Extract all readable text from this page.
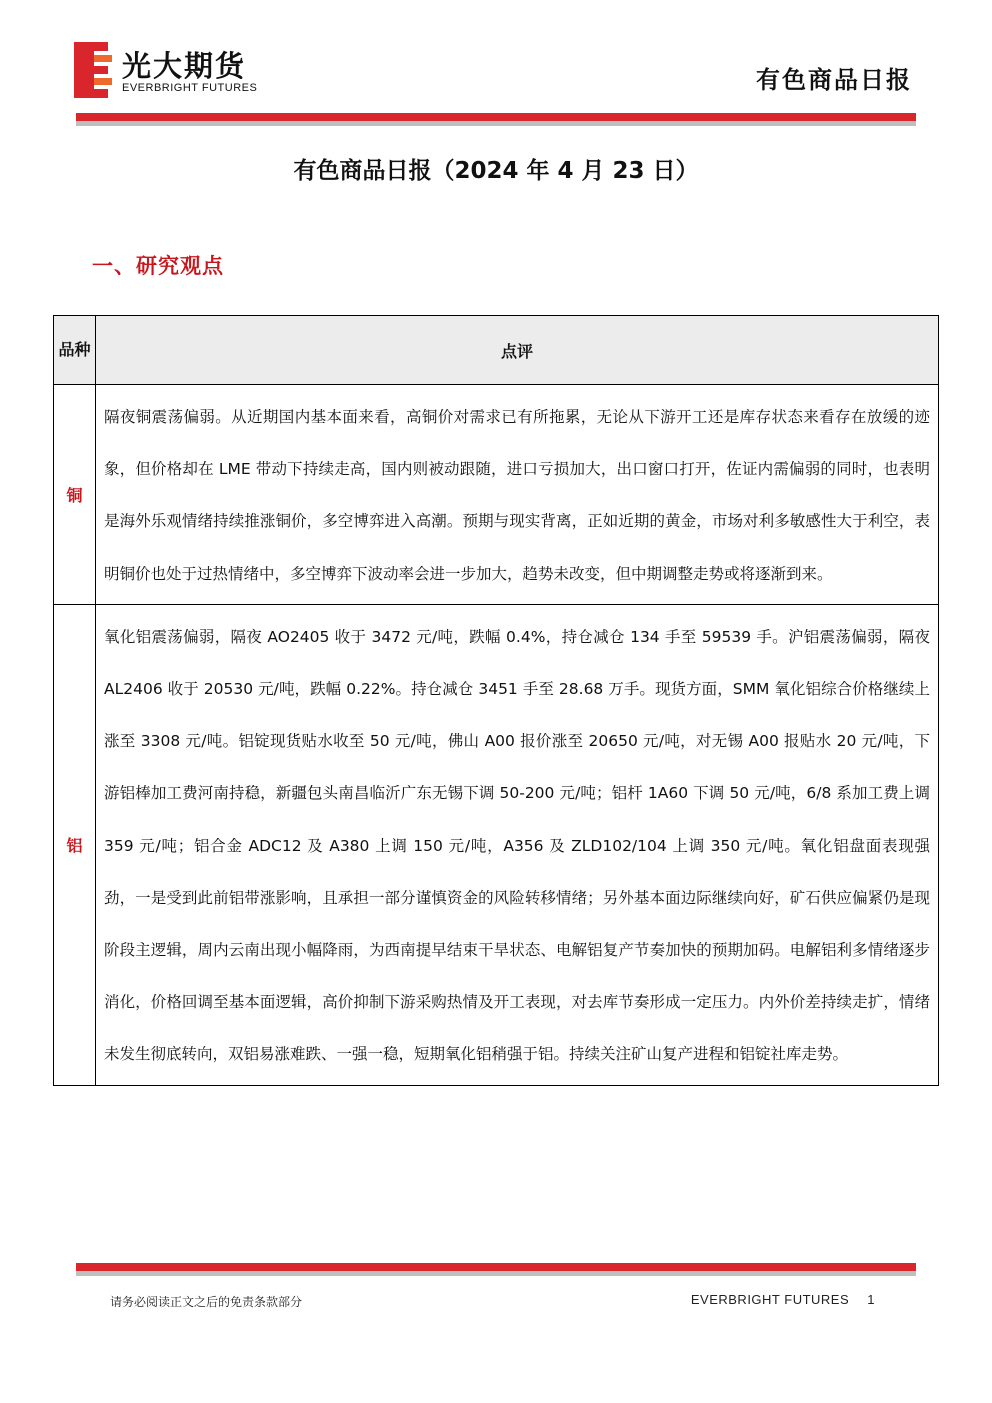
光大期货
EVERBRIGHT FUTURES	有色商品日报
有色商品日报（2024 年 4 月 23 日）
一、研究观点
品种	点评
铜	隔夜铜震荡偏弱。从近期国内基本面来看，高铜价对需求已有所拖累，无论从下游开工还是库存状态来看存在放缓的迹象，但价格却在 LME 带动下持续走高，国内则被动跟随，进口亏损加大，出口窗口打开，佐证内需偏弱的同时，也表明是海外乐观情绪持续推涨铜价，多空博弈进入高潮。预期与现实背离，正如近期的黄金，市场对利多敏感性大于利空，表明铜价也处于过热情绪中，多空博弈下波动率会进一步加大，趋势未改变，但中期调整走势或将逐渐到来。
铝	氧化铝震荡偏弱，隔夜 AO2405 收于 3472 元/吨，跌幅 0.4%，持仓减仓 134 手至 59539 手。沪铝震荡偏弱，隔夜 AL2406 收于 20530 元/吨，跌幅 0.22%。持仓减仓 3451 手至 28.68 万手。现货方面，SMM 氧化铝综合价格继续上涨至 3308 元/吨。铝锭现货贴水收至 50 元/吨，佛山 A00 报价涨至 20650 元/吨，对无锡 A00 报贴水 20 元/吨，下游铝棒加工费河南持稳，新疆包头南昌临沂广东无锡下调 50-200 元/吨；铝杆 1A60 下调 50 元/吨，6/8 系加工费上调 359 元/吨；铝合金 ADC12 及 A380 上调 150 元/吨，A356 及 ZLD102/104 上调 350 元/吨。氧化铝盘面表现强劲，一是受到此前铝带涨影响，且承担一部分谨慎资金的风险转移情绪；另外基本面边际继续向好，矿石供应偏紧仍是现阶段主逻辑，周内云南出现小幅降雨，为西南提早结束干旱状态、电解铝复产节奏加快的预期加码。电解铝利多情绪逐步消化，价格回调至基本面逻辑，高价抑制下游采购热情及开工表现，对去库节奏形成一定压力。内外价差持续走扩，情绪未发生彻底转向，双铝易涨难跌、一强一稳，短期氧化铝稍强于铝。持续关注矿山复产进程和铝锭社库走势。
请务必阅读正文之后的免责条款部分	EVERBRIGHT FUTURES 1
